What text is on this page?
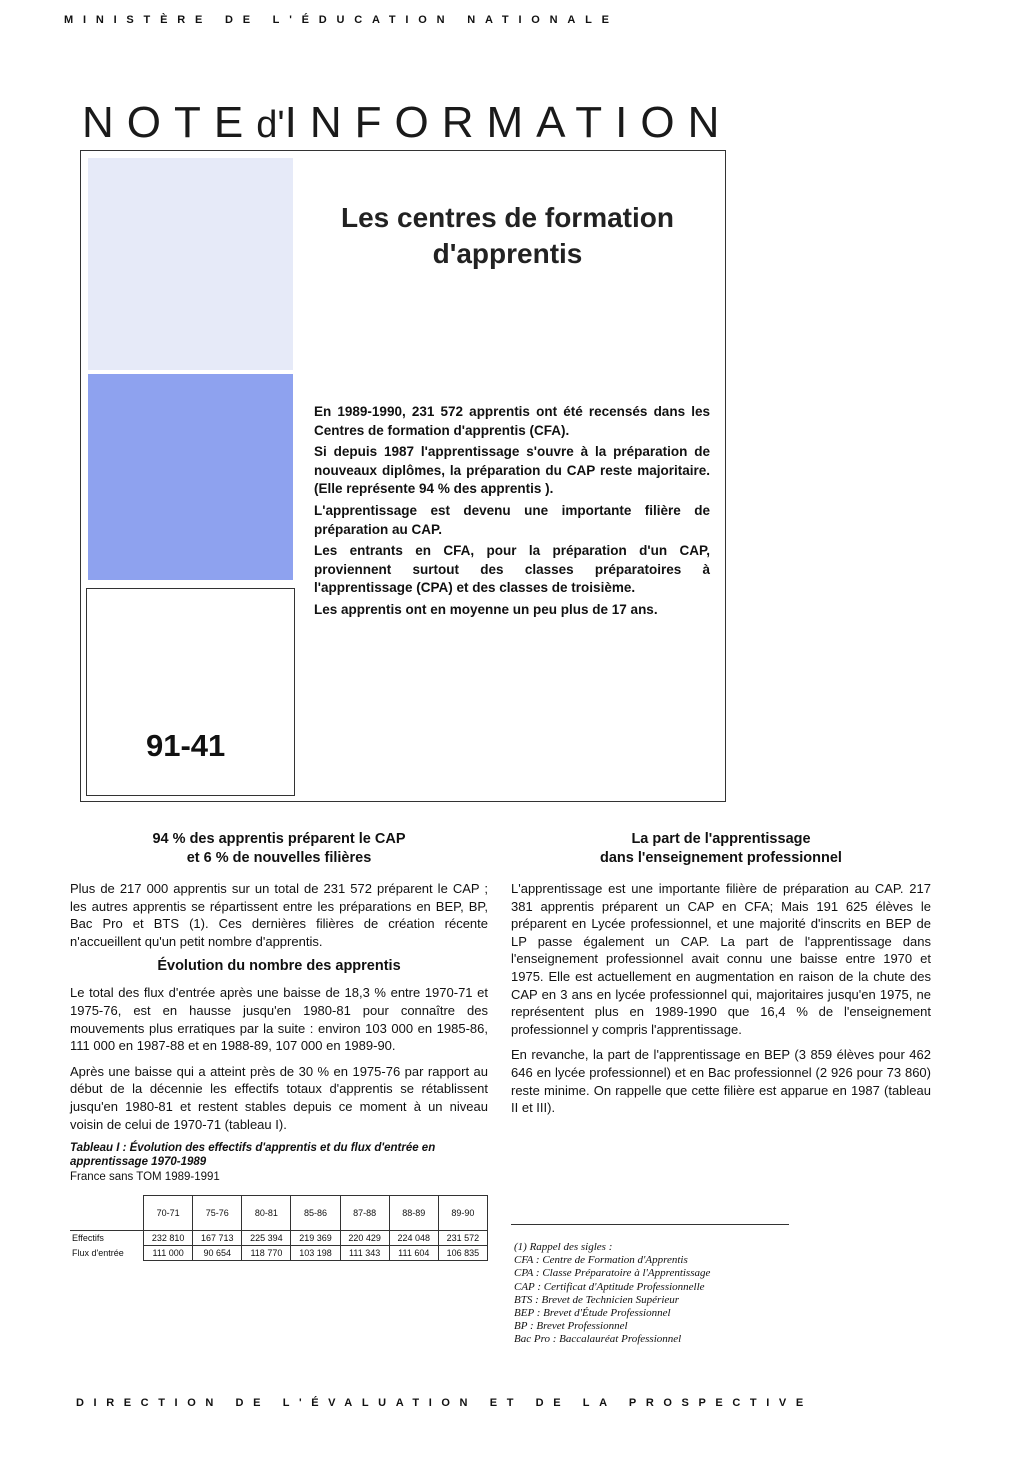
MINISTÈRE DE L'ÉDUCATION NATIONALE
NOTEd'INFORMATION
91-41
Les centres de formation
d'apprentis

En 1989-1990, 231 572 apprentis ont été recensés dans les Centres de formation d'apprentis (CFA).

Si depuis 1987 l'apprentissage s'ouvre à la préparation de nouveaux diplômes, la préparation du CAP reste majoritaire. (Elle représente 94 % des apprentis ).

L'apprentissage est devenu une importante filière de préparation au CAP.

Les entrants en CFA, pour la préparation d'un CAP, proviennent surtout des classes préparatoires à l'apprentissage (CPA) et des classes de troisième.

Les apprentis ont en moyenne un peu plus de 17 ans.

94 % des apprentis préparent le CAP
et 6 % de nouvelles filières

Plus de 217 000 apprentis sur un total de 231 572 préparent le CAP ; les autres apprentis se répartissent entre les préparations en BEP, BP, Bac Pro et BTS (1). Ces dernières filières de création récente n'accueillent qu'un petit nombre d'apprentis.

Évolution du nombre des apprentis

Le total des flux d'entrée après une baisse de 18,3 % entre 1970-71 et 1975-76, est en hausse jusqu'en 1980-81 pour connaître des mouvements plus erratiques par la suite : environ 103 000 en 1985-86, 111 000 en 1987-88 et en 1988-89, 107 000 en 1989-90.

Après une baisse qui a atteint près de 30 % en 1975-76 par rapport au début de la décennie les effectifs totaux d'apprentis se rétablissent jusqu'en 1980-81 et restent stables depuis ce moment à un niveau voisin de celui de 1970-71 (tableau I).

Tableau I : Évolution des effectifs d'apprentis et du flux d'entrée en apprentissage 1970-1989
France sans TOM 1989-1991
	70-71	75-76	80-81	85-86	87-88	88-89	89-90
Effectifs	232 810	167 713	225 394	219 369	220 429	224 048	231 572
Flux d'entrée	111 000	90 654	118 770	103 198	111 343	111 604	106 835
La part de l'apprentissage
dans l'enseignement professionnel

L'apprentissage est une importante filière de préparation au CAP. 217 381 apprentis préparent un CAP en CFA; Mais 191 625 élèves le préparent en Lycée professionnel, et une majorité d'inscrits en BEP de LP passe également un CAP. La part de l'apprentissage dans l'enseignement professionnel avait connu une baisse entre 1970 et 1975. Elle est actuellement en augmentation en raison de la chute des CAP en 3 ans en lycée professionnel qui, majoritaires jusqu'en 1975, ne représentent plus en 1989-1990 que 16,4 % de l'enseignement professionnel y compris l'apprentissage.

En revanche, la part de l'apprentissage en BEP (3 859 élèves pour 462 646 en lycée professionnel) et en Bac professionnel (2 926 pour 73 860) reste minime. On rappelle que cette filière est apparue en 1987 (tableau II et III).

(1) Rappel des sigles :
CFA : Centre de Formation d'Apprentis
CPA : Classe Préparatoire à l'Apprentissage
CAP : Certificat d'Aptitude Professionnelle
BTS : Brevet de Technicien Supérieur
BEP : Brevet d'Étude Professionnel
BP : Brevet Professionnel
Bac Pro : Baccalauréat Professionnel
DIRECTION DE L'ÉVALUATION ET DE LA PROSPECTIVE
